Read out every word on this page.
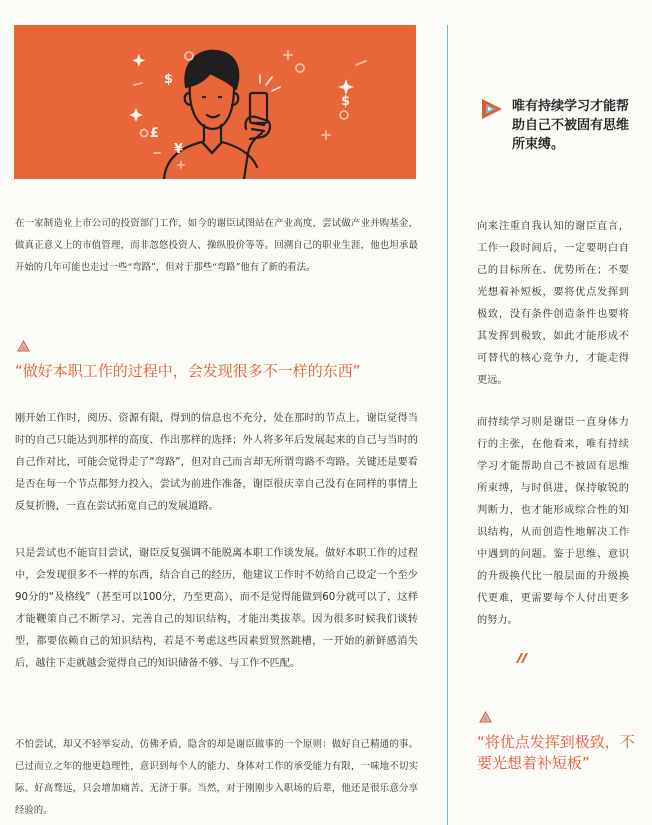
$
£
¥
$

在一家制造业上市公司的投资部门工作，如今的谢臣试图站在产业高度，尝试做产业并购基金，做真正意义上的市值管理，而非忽悠投资人、操纵股价等等。回溯自己的职业生涯，他也坦承最开始的几年可能也走过一些“弯路”，但对于那些“弯路”他有了新的看法。

“做好本职工作的过程中，会发现很多不一样的东西”

刚开始工作时，阅历、资源有限，得到的信息也不充分，处在那时的节点上，谢臣觉得当时的自己只能达到那样的高度、作出那样的选择；外人将多年后发展起来的自己与当时的自己作对比，可能会觉得走了“弯路”，但对自己而言却无所谓弯路不弯路。关键还是要看是否在每一个节点都努力投入，尝试为前进作准备，谢臣很庆幸自己没有在同样的事情上反复折腾，一直在尝试拓宽自己的发展道路。

只是尝试也不能盲目尝试，谢臣反复强调不能脱离本职工作谈发展。做好本职工作的过程中，会发现很多不一样的东西，结合自己的经历，他建议工作时不妨给自己设定一个至少90分的“及格线”（甚至可以100分，乃至更高），而不是觉得能做到60分就可以了，这样才能鞭策自己不断学习、完善自己的知识结构，才能出类拔萃。因为很多时候我们谈转型，都要依赖自己的知识结构，若是不考虑这些因素贸贸然跳槽，一开始的新鲜感消失后，越往下走就越会觉得自己的知识储备不够、与工作不匹配。

不怕尝试，却又不轻举妄动，仿佛矛盾，隐含的却是谢臣做事的一个原则：做好自己精通的事。已过而立之年的他更趋理性，意识到每个人的能力、身体对工作的承受能力有限，一味地不切实际、好高骛远，只会增加痛苦、无济于事。当然，对于刚刚步入职场的后辈，他还是很乐意分享经验的。

唯有持续学习才能帮助自己不被固有思维所束缚。

向来注重自我认知的谢臣直言，工作一段时间后，一定要明白自己的目标所在、优势所在；不要光想着补短板，要将优点发挥到极致，没有条件创造条件也要将其发挥到极致，如此才能形成不可替代的核心竞争力，才能走得更远。

而持续学习则是谢臣一直身体力行的主张，在他看来，唯有持续学习才能帮助自己不被固有思维所束缚，与时俱进，保持敏锐的判断力，也才能形成综合性的知识结构，从而创造性地解决工作中遇到的问题。鉴于思维、意识的升级换代比一般层面的升级换代更难，更需要每个人付出更多的努力。

“将优点发挥到极致，不要光想着补短板”
